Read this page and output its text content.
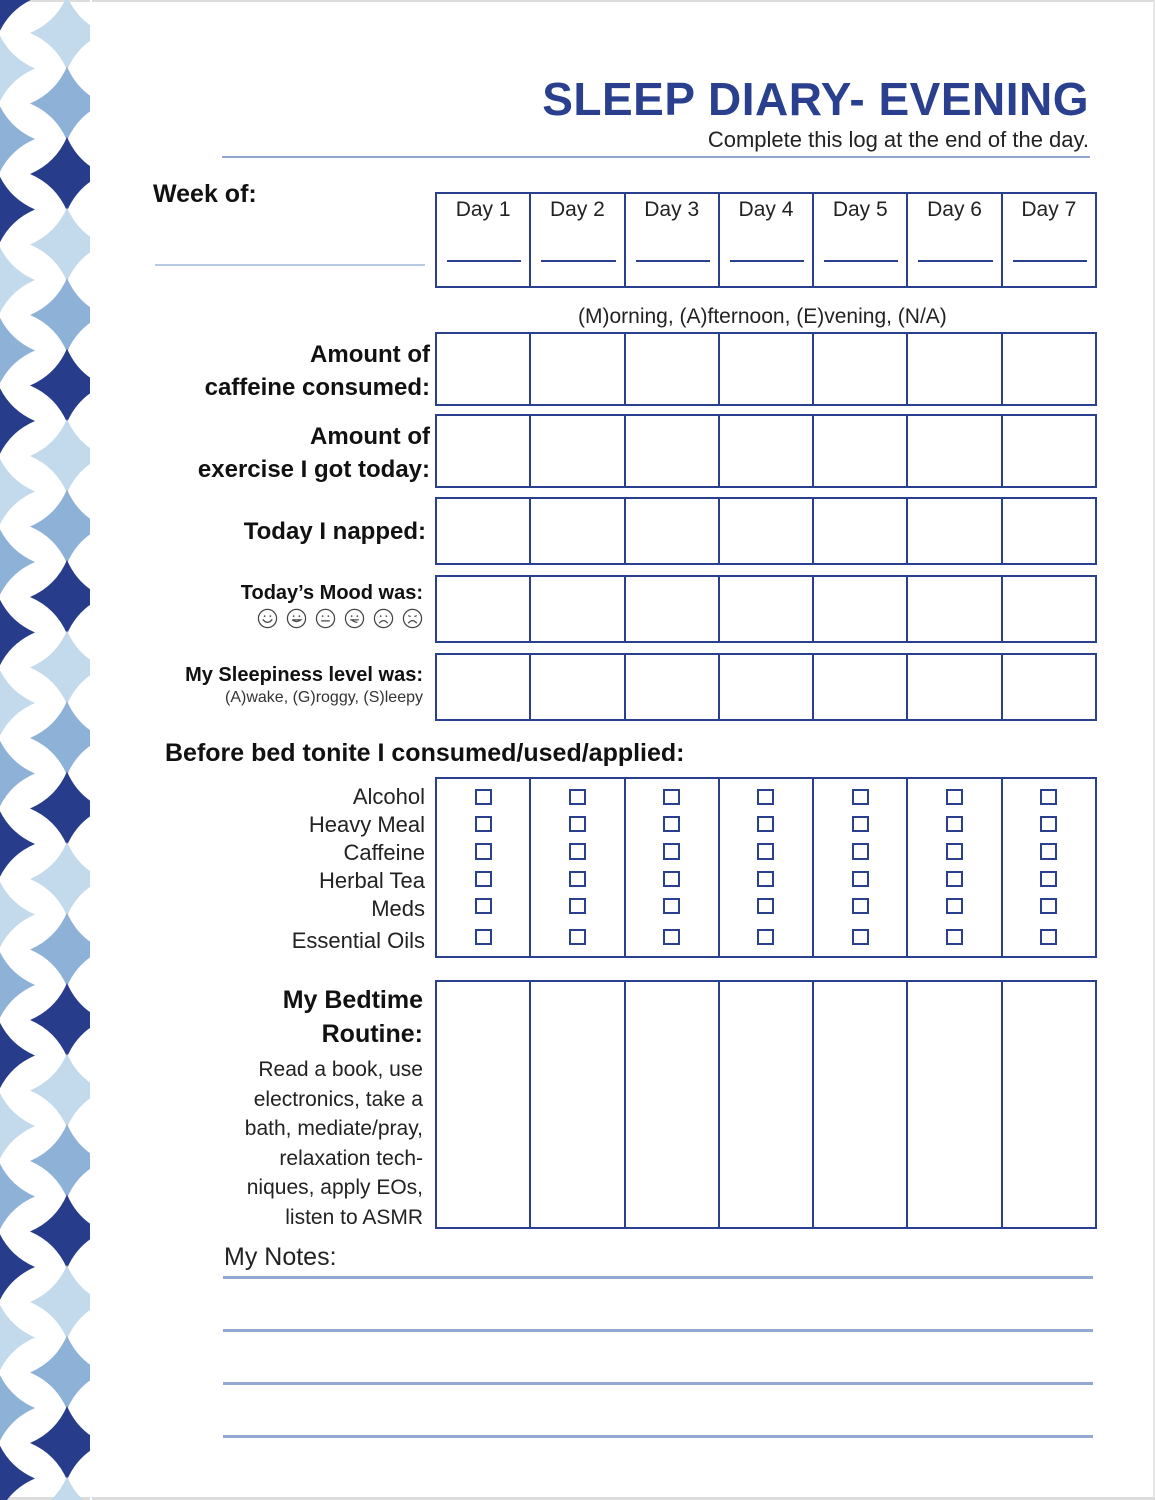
SLEEP DIARY- EVENING
Complete this log at the end of the day.
Week of:
Day 1	Day 2	Day 3	Day 4	Day 5	Day 6	Day 7
(M)orning, (A)fternoon, (E)vening, (N/A)
Amount of
caffeine consumed:
Amount of
exercise I got today:
Today I napped:
Today’s Mood was:
My Sleepiness level was:
(A)wake, (G)roggy, (S)leepy
Before bed tonite I consumed/used/applied:
Alcohol
Heavy Meal
Caffeine
Herbal Tea
Meds
Essential Oils
My Bedtime
Routine:
Read a book, use
electronics, take a
bath, mediate/pray,
relaxation tech-
niques, apply EOs,
listen to ASMR
My Notes:
